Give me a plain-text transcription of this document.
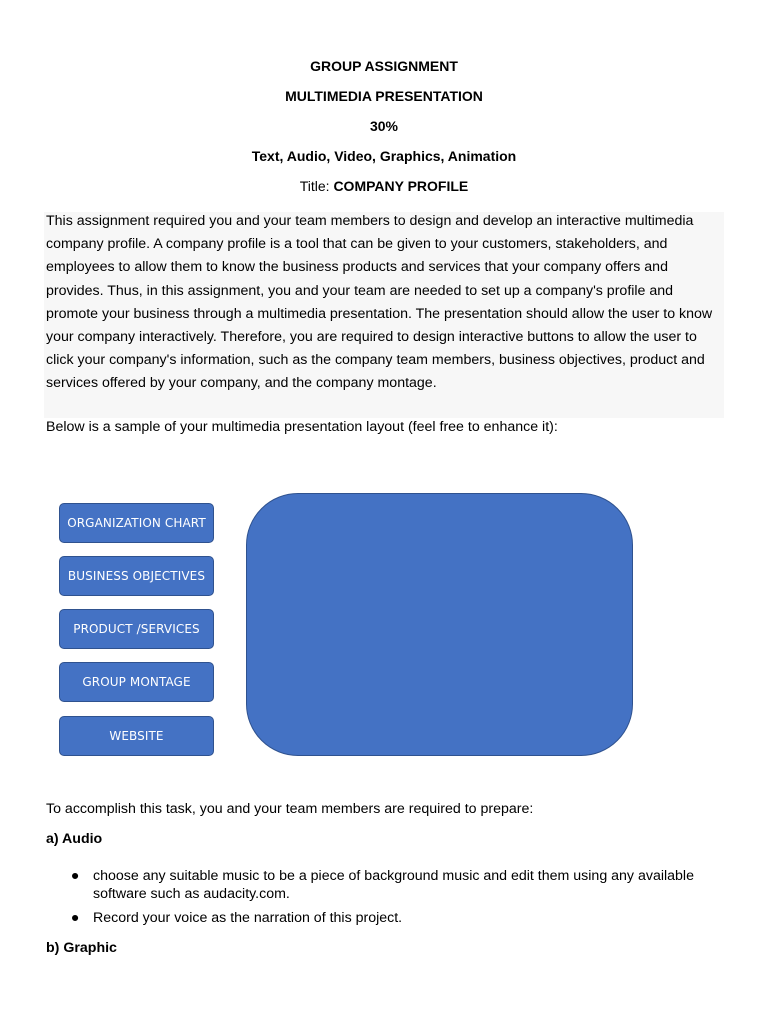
GROUP ASSIGNMENT
MULTIMEDIA PRESENTATION
30%
Text, Audio, Video, Graphics, Animation
Title: COMPANY PROFILE

This assignment required you and your team members to design and develop an interactive multimedia company profile. A company profile is a tool that can be given to your customers, stakeholders, and employees to allow them to know the business products and services that your company offers and provides. Thus, in this assignment, you and your team are needed to set up a company's profile and promote your business through a multimedia presentation. The presentation should allow the user to know your company interactively. Therefore, you are required to design interactive buttons to allow the user to click your company's information, such as the company team members, business objectives, product and services offered by your company, and the company montage.

Below is a sample of your multimedia presentation layout (feel free to enhance it):

ORGANIZATION CHART
BUSINESS OBJECTIVES
PRODUCT /SERVICES
GROUP MONTAGE
WEBSITE

To accomplish this task, you and your team members are required to prepare:

a) Audio

● choose any suitable music to be a piece of background music and edit them using any available software such as audacity.com.
● Record your voice as the narration of this project.

b) Graphic
